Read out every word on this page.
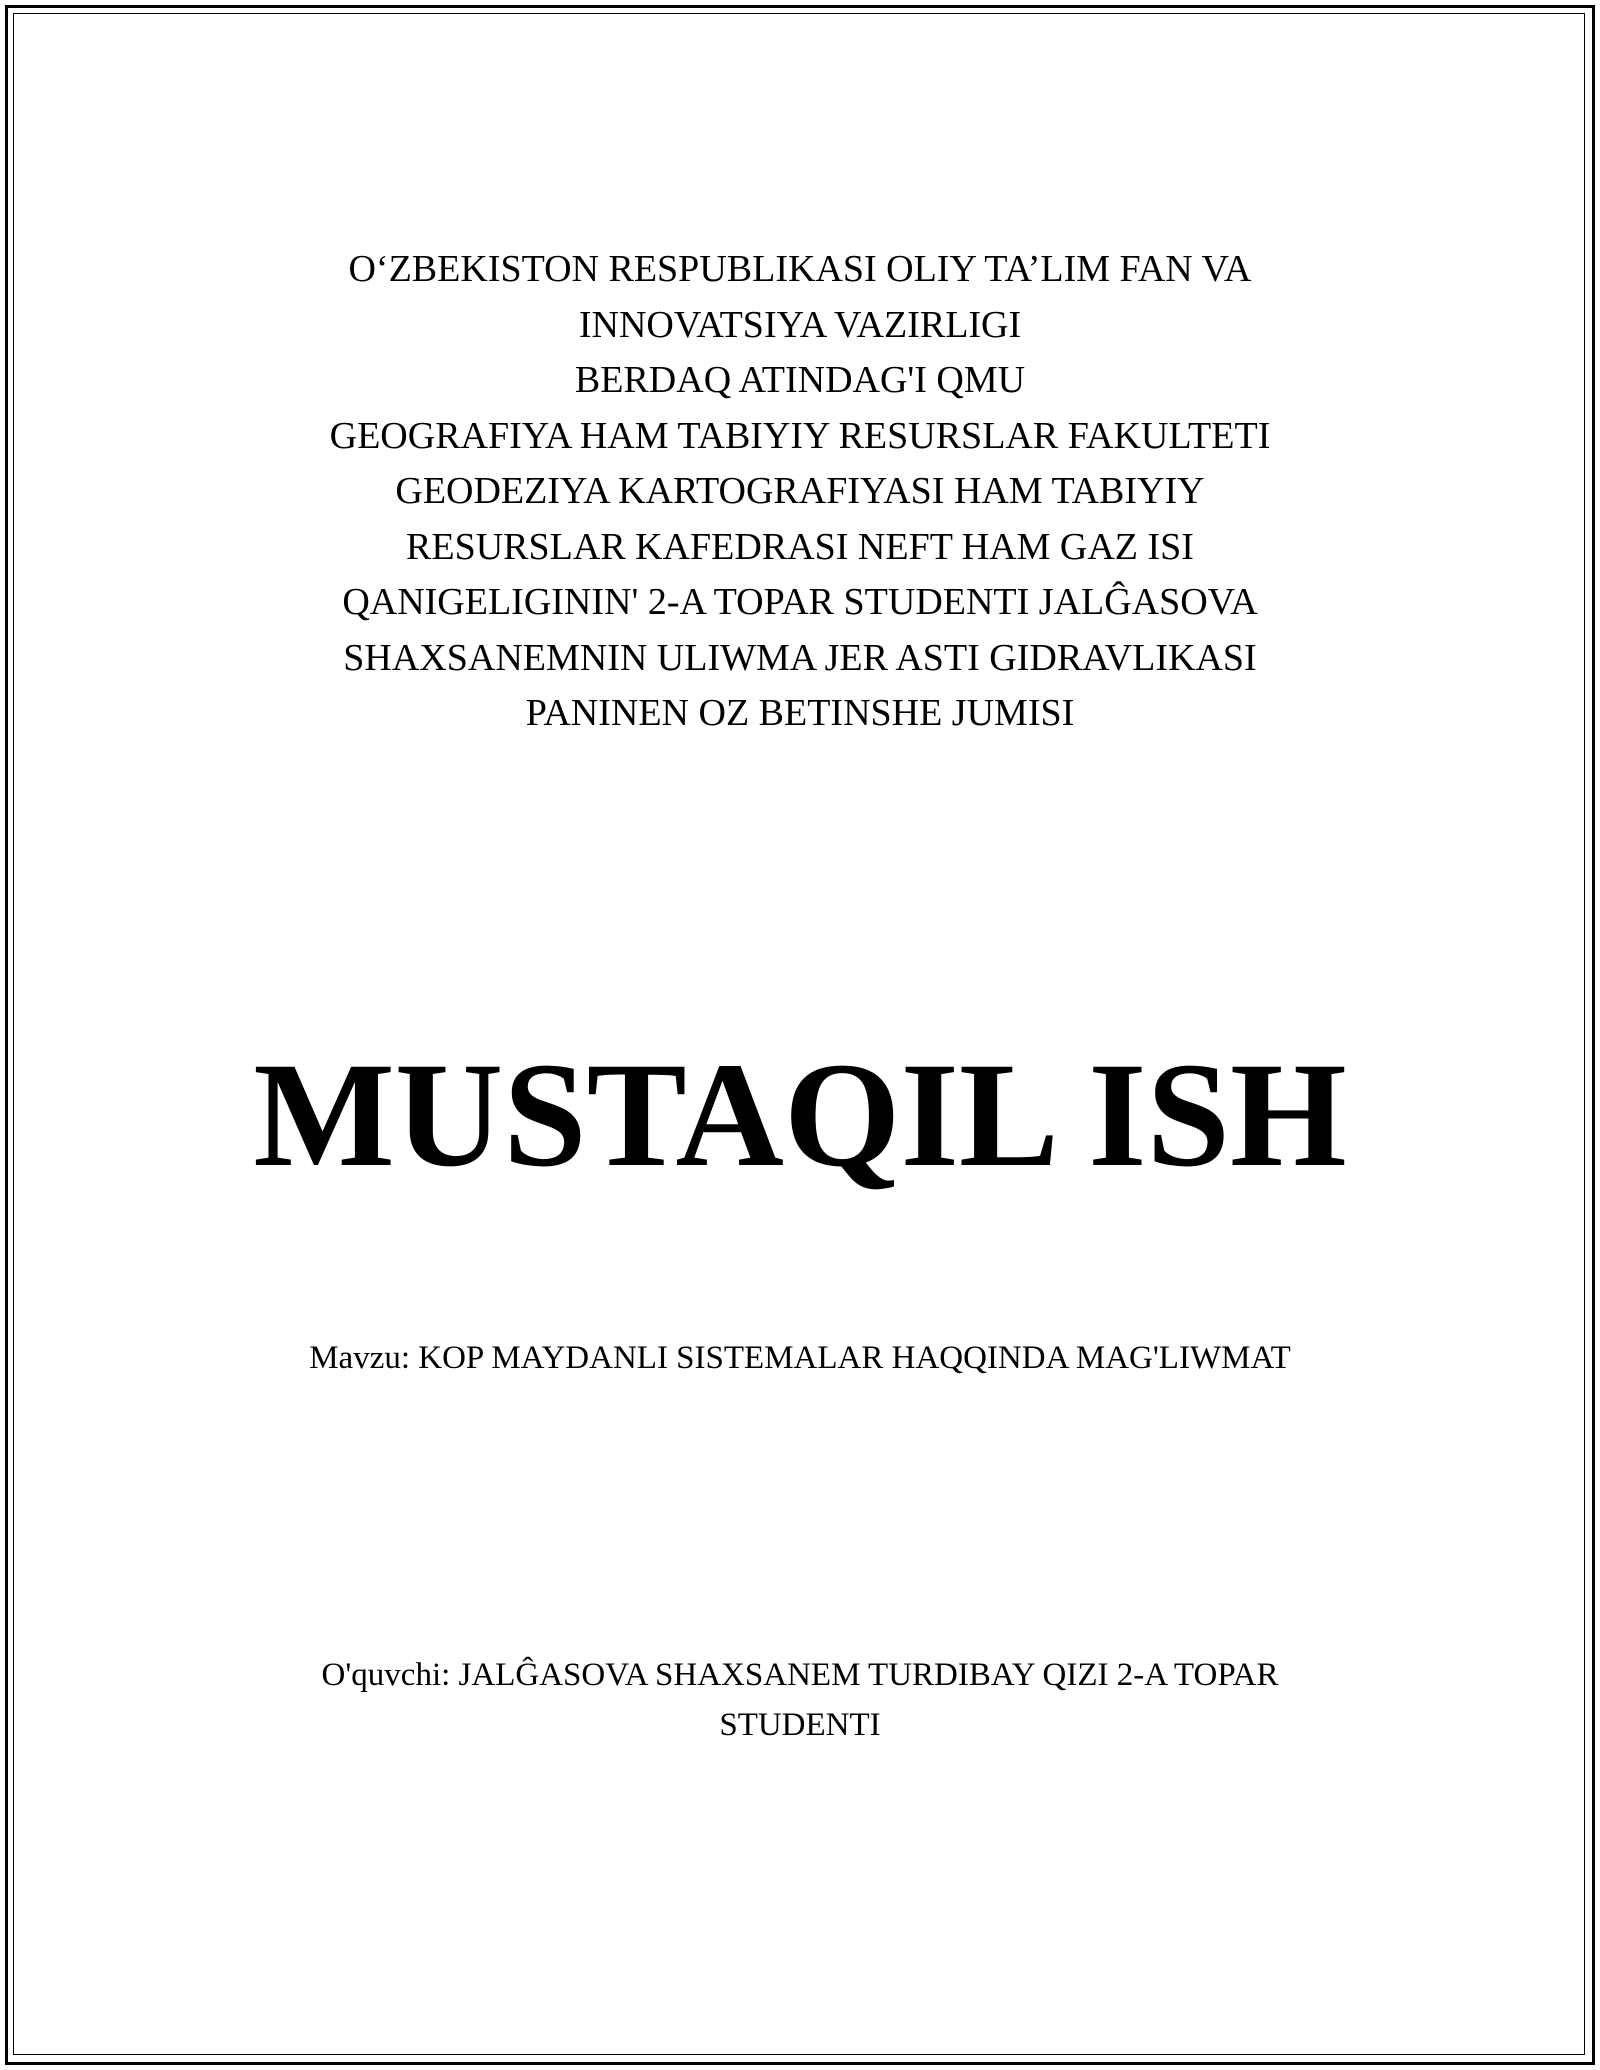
O‘ZBEKISTON RESPUBLIKASI OLIY TA’LIM FAN VA
INNOVATSIYA VAZIRLIGI
BERDAQ ATINDAG'I QMU
GEOGRAFIYA HAM TABIYIY RESURSLAR FAKULTETI
GEODEZIYA KARTOGRAFIYASI HAM TABIYIY
RESURSLAR KAFEDRASI NEFT HAM GAZ ISI
QANIGELIGININ' 2-A TOPAR STUDENTI JALĜASOVA
SHAXSANEMNIN ULIWMA JER ASTI GIDRAVLIKASI
PANINEN OZ BETINSHE JUMISI
MUSTAQIL ISH
Mavzu: KOP MAYDANLI SISTEMALAR HAQQINDA MAG'LIWMAT
O'quvchi: JALĜASOVA SHAXSANEM TURDIBAY QIZI 2-A TOPAR
STUDENTI
